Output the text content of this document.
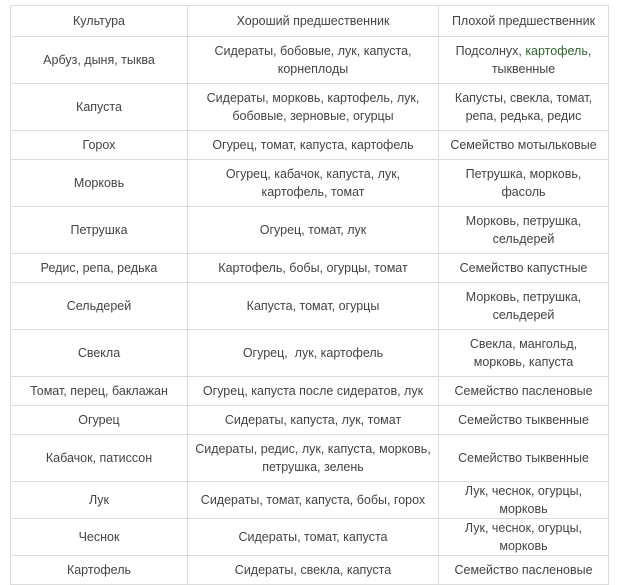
Культура	Хороший предшественник	Плохой предшественник
Арбуз, дыня, тыква	Сидераты, бобовые, лук, капуста, корнеплоды	Подсолнух, картофель, тыквенные
Капуста	Сидераты, морковь, картофель, лук, бобовые, зерновые, огурцы	Капусты, свекла, томат, репа, редька, редис
Горох	Огурец, томат, капуста, картофель	Семейство мотыльковые
Морковь	Огурец, кабачок, капуста, лук, картофель, томат	Петрушка, морковь, фасоль
Петрушка	Огурец, томат, лук	Морковь, петрушка, сельдерей
Редис, репа, редька	Картофель, бобы, огурцы, томат	Семейство капустные
Сельдерей	Капуста, томат, огурцы	Морковь, петрушка, сельдерей
Свекла	Огурец,  лук, картофель	Свекла, мангольд, морковь, капуста
Томат, перец, баклажан	Огурец, капуста после сидератов, лук	Семейство пасленовые
Огурец	Сидераты, капуста, лук, томат	Семейство тыквенные
Кабачок, патиссон	Сидераты, редис, лук, капуста, морковь, петрушка, зелень	Семейство тыквенные
Лук	Сидераты, томат, капуста, бобы, горох	Лук, чеснок, огурцы, морковь
Чеснок	Сидераты, томат, капуста	Лук, чеснок, огурцы, морковь
Картофель	Сидераты, свекла, капуста	Семейство пасленовые
